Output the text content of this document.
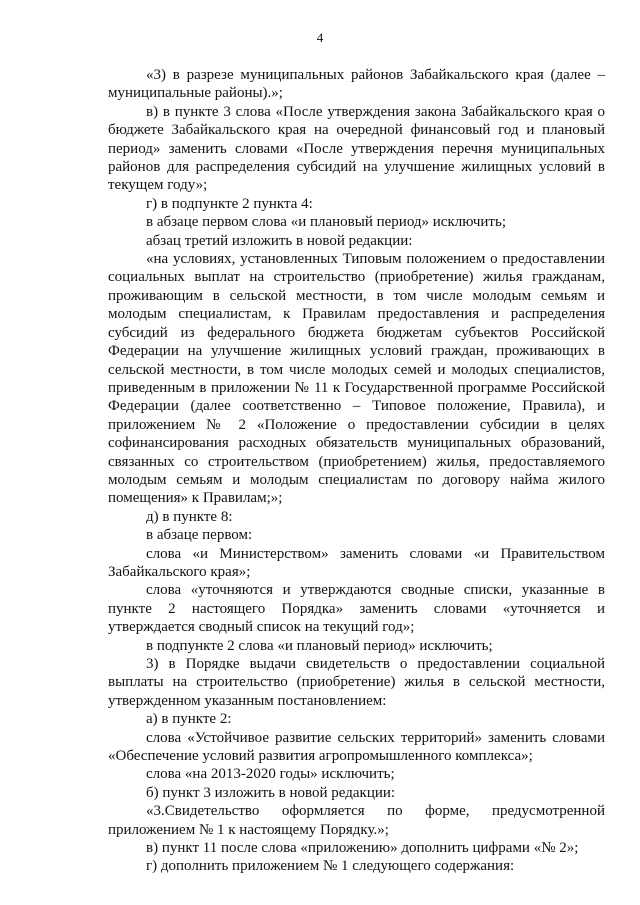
4

«3) в разрезе муниципальных районов Забайкальского края (далее – муниципальные районы).»;

в) в пункте 3 слова «После утверждения закона Забайкальского края о бюджете Забайкальского края на очередной финансовый год и плановый период» заменить словами «После утверждения перечня муниципальных районов для распределения субсидий на улучшение жилищных условий в текущем году»;

г) в подпункте 2 пункта 4:

в абзаце первом слова «и плановый период» исключить;

абзац третий изложить в новой редакции:

«на условиях, установленных Типовым положением о предоставлении социальных выплат на строительство (приобретение) жилья гражданам, проживающим в сельской местности, в том числе молодым семьям и молодым специалистам, к Правилам предоставления и распределения субсидий из федерального бюджета бюджетам субъектов Российской Федерации на улучшение жилищных условий граждан, проживающих в сельской местности, в том числе молодых семей и молодых специалистов, приведенным в приложении № 11 к Государственной программе Российской Федерации (далее соответственно – Типовое положение, Правила), и приложением № 2 «Положение о предоставлении субсидии в целях софинансирования расходных обязательств муниципальных образований, связанных со строительством (приобретением) жилья, предоставляемого молодым семьям и молодым специалистам по договору найма жилого помещения» к Правилам;»;

д) в пункте 8:

в абзаце первом:

слова «и Министерством» заменить словами «и Правительством Забайкальского края»;

слова «уточняются и утверждаются сводные списки, указанные в пункте 2 настоящего Порядка» заменить словами «уточняется и утверждается сводный список на текущий год»;

в подпункте 2 слова «и плановый период» исключить;

3) в Порядке выдачи свидетельств о предоставлении социальной выплаты на строительство (приобретение) жилья в сельской местности, утвержденном указанным постановлением:

а) в пункте 2:

слова «Устойчивое развитие сельских территорий» заменить словами «Обеспечение условий развития агропромышленного комплекса»;

слова «на 2013-2020 годы» исключить;

б) пункт 3 изложить в новой редакции:

«3.Свидетельство оформляется по форме, предусмотренной приложением № 1 к настоящему Порядку.»;

в) пункт 11 после слова «приложению» дополнить цифрами «№ 2»;

г) дополнить приложением № 1 следующего содержания:
